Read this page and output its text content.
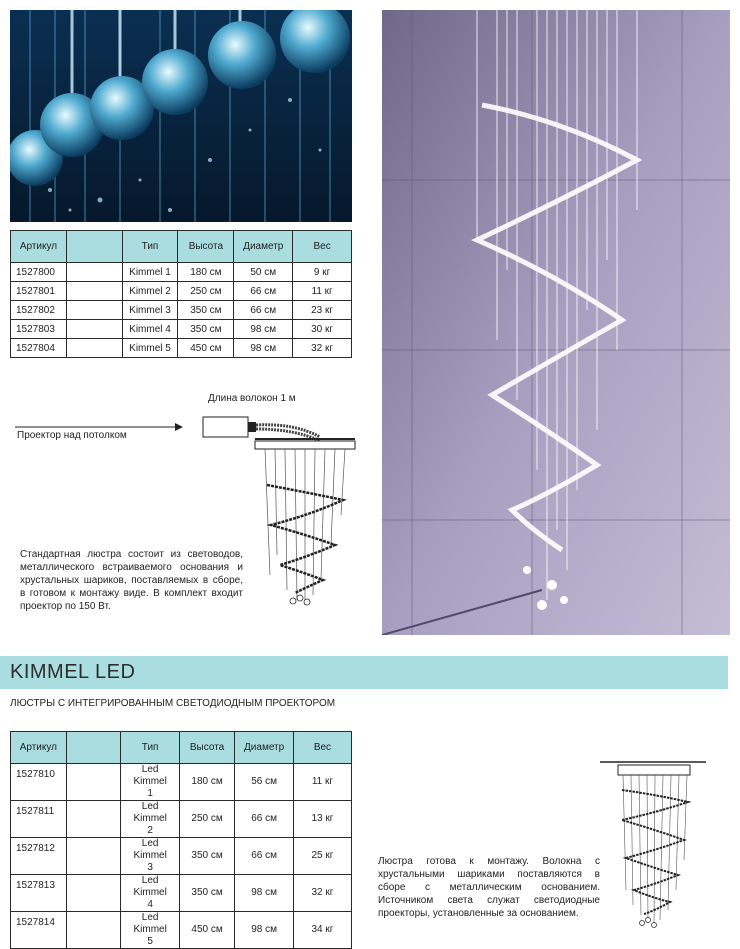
Артикул		Тип	Высота	Диаметр	Вес
1527800		Kimmel 1	180 см	50 см	9 кг
1527801		Kimmel 2	250 см	66 см	11 кг
1527802		Kimmel 3	350 см	66 см	23 кг
1527803		Kimmel 4	350 см	98 см	30 кг
1527804		Kimmel 5	450 см	98 см	32 кг
Длина волокон 1 м
Проектор над потолком
Стандартная люстра состоит из световодов, металлического встраиваемого основания и хрустальных шариков, поставляемых в сборе, в готовом к монтажу виде. В комплект входит проектор по 150 Вт.
KIMMEL LED
ЛЮСТРЫ С ИНТЕГРИРОВАННЫМ СВЕТОДИОДНЫМ ПРОЕКТОРОМ
Артикул		Тип	Высота	Диаметр	Вес
1527810		Led Kimmel 1	180 см	56 см	11 кг
1527811		Led Kimmel 2	250 см	66 см	13 кг
1527812		Led Kimmel 3	350 см	66 см	25 кг
1527813		Led Kimmel 4	350 см	98 см	32 кг
1527814		Led Kimmel 5	450 см	98 см	34 кг
Люстра готова к монтажу. Волокна с хрустальными шариками поставляются в сборе с металлическим основанием. Источником света служат светодиодные проекторы, установленные за основанием.
